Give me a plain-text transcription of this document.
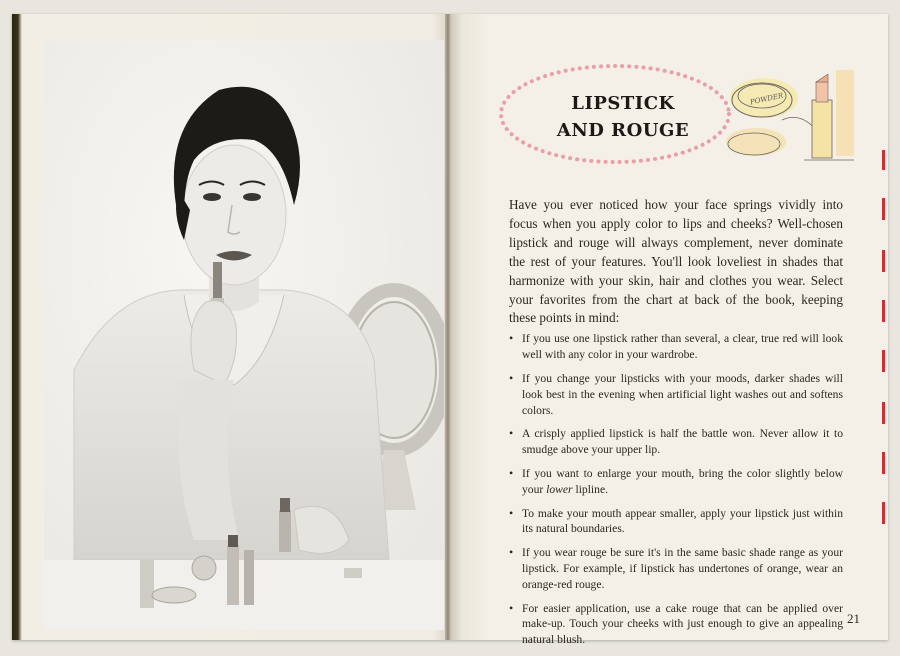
LIPSTICK
AND ROUGE
POWDER

Have you ever noticed how your face springs vividly into focus when you apply color to lips and cheeks? Well-chosen lipstick and rouge will always complement, never dominate the rest of your features. You'll look loveliest in shades that harmonize with your skin, hair and clothes you wear. Select your favorites from the chart at back of the book, keeping these points in mind:

• If you use one lipstick rather than several, a clear, true red will look well with any color in your wardrobe.
• If you change your lipsticks with your moods, darker shades will look best in the evening when artificial light washes out and softens colors.
• A crisply applied lipstick is half the battle won. Never allow it to smudge above your upper lip.
• If you want to enlarge your mouth, bring the color slightly below your lower lipline.
• To make your mouth appear smaller, apply your lipstick just within its natural boundaries.
• If you wear rouge be sure it's in the same basic shade range as your lipstick. For example, if lipstick has undertones of orange, wear an orange-red rouge.
• For easier application, use a cake rouge that can be applied over make-up. Touch your cheeks with just enough to give an appealing natural blush.
21
